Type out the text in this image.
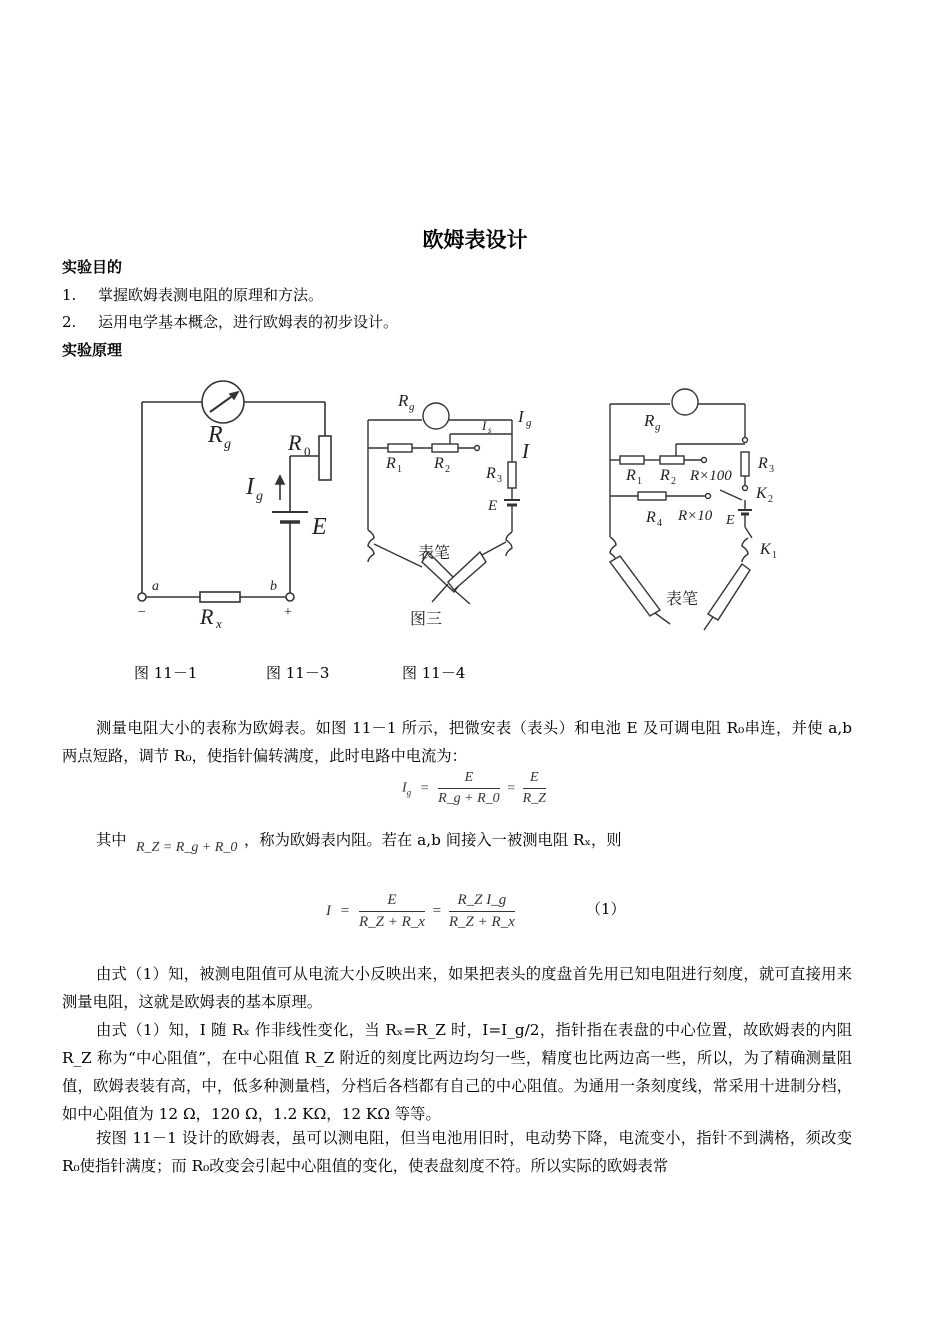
欧姆表设计
实验目的
1. 掌握欧姆表测电阻的原理和方法。
2. 运用电学基本概念，进行欧姆表的初步设计。
实验原理
R g	R 0
I g
E
a	b
−	+
R x
R g	I g
I s
I
R 1 R 2 R 3
E
表笔
图三
R g
R 1 R 2 R×100
R 3
K 2
R 4 R×10 E
K 1
表笔
图 11－1	图 11－3	图 11－4

测量电阻大小的表称为欧姆表。如图 11－1 所示，把微安表（表头）和电池 E 及可调电阻 R₀串连，并使 a,b 两点短路，调节 R₀，使指针偏转满度，此时电路中电流为：

$I_g = \frac{E}{R\_g + R\_0} = \frac{E}{R\_Z}$
其中 R_Z = R_g + R_0 ，称为欧姆表内阻。若在 a,b 间接入一被测电阻 Rₓ，则
$I = \frac{E}{R\_Z + R\_x} = \frac{\text{R\_Z I\_g}}{R\_Z + R\_x}$	（1）

由式（1）知，被测电阻值可从电流大小反映出来，如果把表头的度盘首先用已知电阻进行刻度，就可直接用来测量电阻，这就是欧姆表的基本原理。

由式（1）知，I 随 Rₓ 作非线性变化，当 Rₓ=R_Z 时，I=I_g/2，指针指在表盘的中心位置，故欧姆表的内阻 R_Z 称为“中心阻值”，在中心阻值 R_Z 附近的刻度比两边均匀一些，精度也比两边高一些，所以，为了精确测量阻值，欧姆表装有高，中，低多种测量档，分档后各档都有自己的中心阻值。为通用一条刻度线，常采用十进制分档，如中心阻值为 12 Ω，120 Ω，1.2 KΩ，12 KΩ 等等。

按图 11－1 设计的欧姆表，虽可以测电阻，但当电池用旧时，电动势下降，电流变小，指针不到满格，须改变 R₀使指针满度；而 R₀改变会引起中心阻值的变化，使表盘刻度不符。所以实际的欧姆表常
